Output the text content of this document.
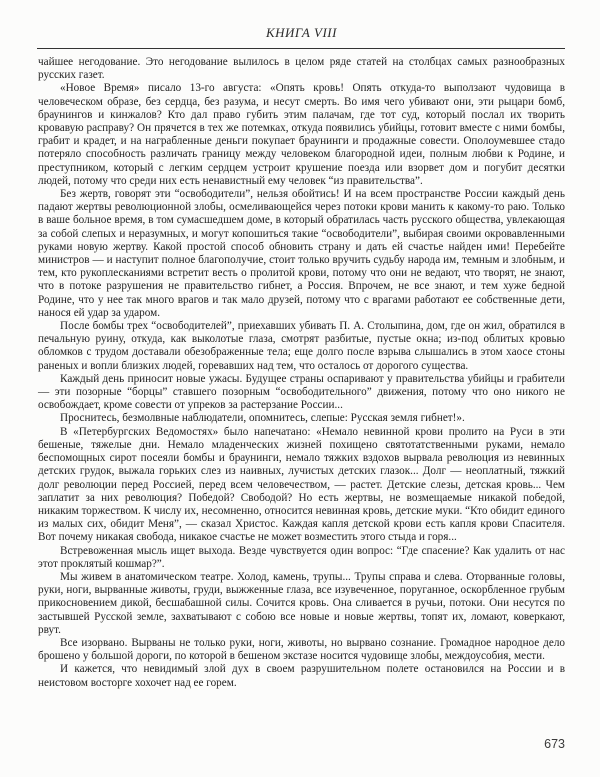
КНИГА VIII

чайшее негодование. Это негодование вылилось в целом ряде статей на столбцах самых разнообразных русских газет.

«Новое Время» писало 13-го августа: «Опять кровь! Опять откуда-то выползают чудовища в человеческом образе, без сердца, без разума, и несут смерть. Во имя чего убивают они, эти рыцари бомб, браунингов и кинжалов? Кто дал право губить этим палачам, где тот суд, который послал их творить кровавую расправу? Он прячется в тех же потемках, откуда появились убийцы, готовит вместе с ними бомбы, грабит и крадет, и на награбленные деньги покупает браунинги и продажные совести. Ополоумевшее стадо потеряло способность различать границу между человеком благородной идеи, полным любви к Родине, и преступником, который с легким сердцем устроит крушение поезда или взорвет дом и погубит десятки людей, потому что среди них есть ненавистный ему человек “из правительства”.

Без жертв, говорят эти “освободители”, нельзя обойтись! И на всем пространстве России каждый день падают жертвы революционной злобы, осмеливающейся через потоки крови манить к какому-то раю. Только в ваше больное время, в том сумасшедшем доме, в который обратилась часть русского общества, увлекающая за собой слепых и неразумных, и могут копошиться такие “освободители”, выбирая своими окровавленными руками новую жертву. Какой простой способ обновить страну и дать ей счастье найден ими! Перебейте министров — и наступит полное благополучие, стоит только вручить судьбу народа им, темным и злобным, и тем, кто рукоплесканиями встретит весть о пролитой крови, потому что они не ведают, что творят, не знают, что в потоке разрушения не правительство гибнет, а Россия. Впрочем, не все знают, и тем хуже бедной Родине, что у нее так много врагов и так мало друзей, потому что с врагами работают ее собственные дети, нанося ей удар за ударом.

После бомбы трех “освободителей”, приехавших убивать П. А. Столыпина, дом, где он жил, обратился в печальную руину, откуда, как выколотые глаза, смотрят разбитые, пустые окна; из-под облитых кровью обломков с трудом доставали обезображенные тела; еще долго после взрыва слышались в этом хаосе стоны раненых и вопли близких людей, горевавших над тем, что осталось от дорогого существа.

Каждый день приносит новые ужасы. Будущее страны оспаривают у правительства убийцы и грабители — эти позорные “борцы” ставшего позорным “освободительного” движения, потому что оно никого не освобождает, кроме совести от упреков за растерзание России...

Проснитесь, безмолвные наблюдатели, опомнитесь, слепые: Русская земля гибнет!».

В «Петербургских Ведомостях» было напечатано: «Немало невинной крови пролито на Руси в эти бешеные, тяжелые дни. Немало младенческих жизней похищено святотатственными руками, немало беспомощных сирот посеяли бомбы и браунинги, немало тяжких вздохов вырвала революция из невинных детских грудок, выжала горьких слез из наивных, лучистых детских глазок... Долг — неоплатный, тяжкий долг революции перед Россией, перед всем человечеством, — растет. Детские слезы, детская кровь... Чем заплатит за них революция? Победой? Свободой? Но есть жертвы, не возмещаемые никакой победой, никаким торжеством. К числу их, несомненно, относится невинная кровь, детские муки. “Кто обидит единого из малых сих, обидит Меня”, — сказал Христос. Каждая капля детской крови есть капля крови Спасителя. Вот почему никакая свобода, никакое счастье не может возместить этого стыда и горя...

Встревоженная мысль ищет выхода. Везде чувствуется один вопрос: “Где спасение? Как удалить от нас этот проклятый кошмар?”.

Мы живем в анатомическом театре. Холод, камень, трупы... Трупы справа и слева. Оторванные головы, руки, ноги, вырванные животы, груди, выжженные глаза, все изувеченное, поруганное, оскорбленное грубым прикосновением дикой, бесшабашной силы. Сочится кровь. Она сливается в ручьи, потоки. Они несутся по застывшей Русской земле, захватывают с собою все новые и новые жертвы, топят их, ломают, коверкают, рвут.

Все изорвано. Вырваны не только руки, ноги, животы, но вырвано сознание. Громадное народное дело брошено у большой дороги, по которой в бешеном экстазе носится чудовище злобы, междоусобия, мести.

И кажется, что невидимый злой дух в своем разрушительном полете остановился на России и в неистовом восторге хохочет над ее горем.

673
